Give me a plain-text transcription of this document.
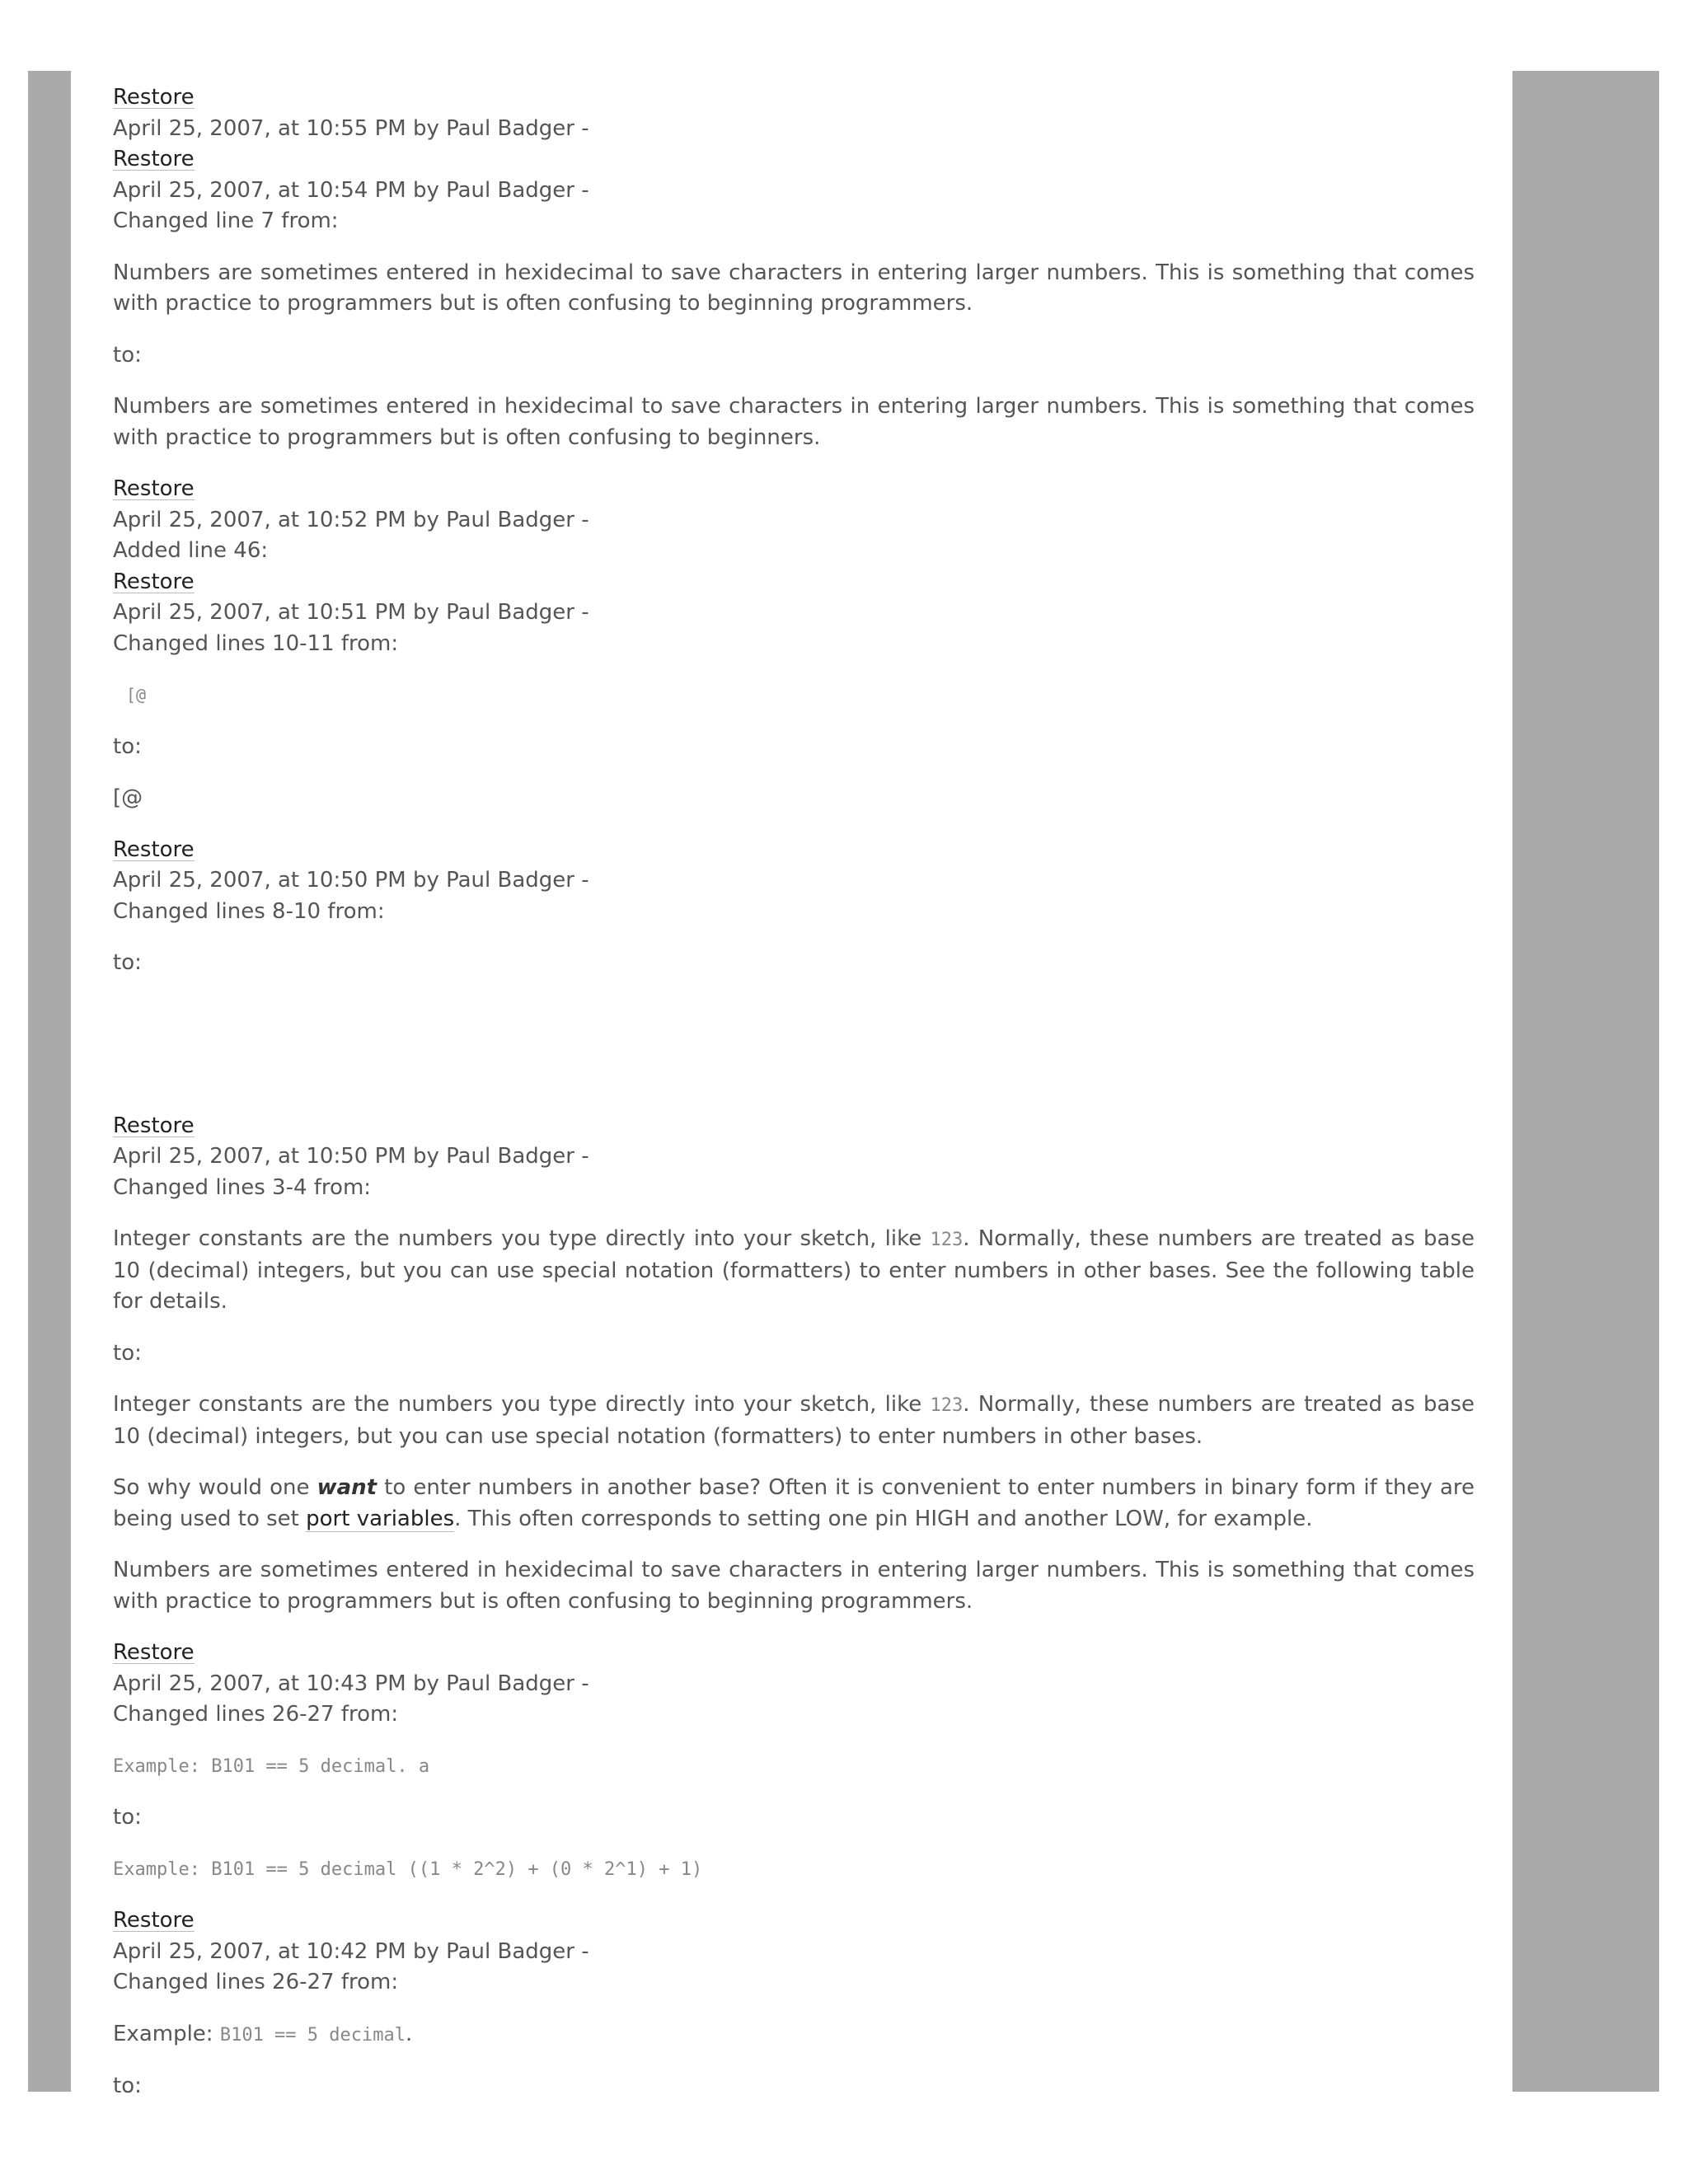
Restore
April 25, 2007, at 10:55 PM by Paul Badger -
Restore
April 25, 2007, at 10:54 PM by Paul Badger -
Changed line 7 from:

Numbers are sometimes entered in hexidecimal to save characters in entering larger numbers. This is something that comes with practice to programmers but is often confusing to beginning programmers.

to:

Numbers are sometimes entered in hexidecimal to save characters in entering larger numbers. This is something that comes with practice to programmers but is often confusing to beginners.

Restore
April 25, 2007, at 10:52 PM by Paul Badger -
Added line 46:
Restore
April 25, 2007, at 10:51 PM by Paul Badger -
Changed lines 10-11 from:

[@

to:

[@

Restore
April 25, 2007, at 10:50 PM by Paul Badger -
Changed lines 8-10 from:

to:

Restore
April 25, 2007, at 10:50 PM by Paul Badger -
Changed lines 3-4 from:

Integer constants are the numbers you type directly into your sketch, like 123. Normally, these numbers are treated as base 10 (decimal) integers, but you can use special notation (formatters) to enter numbers in other bases. See the following table for details.

to:

Integer constants are the numbers you type directly into your sketch, like 123. Normally, these numbers are treated as base 10 (decimal) integers, but you can use special notation (formatters) to enter numbers in other bases.

So why would one want to enter numbers in another base? Often it is convenient to enter numbers in binary form if they are being used to set port variables. This often corresponds to setting one pin HIGH and another LOW, for example.

Numbers are sometimes entered in hexidecimal to save characters in entering larger numbers. This is something that comes with practice to programmers but is often confusing to beginning programmers.

Restore
April 25, 2007, at 10:43 PM by Paul Badger -
Changed lines 26-27 from:

Example: B101 == 5 decimal. a

to:

Example: B101 == 5 decimal ((1 * 2^2) + (0 * 2^1) + 1)

Restore
April 25, 2007, at 10:42 PM by Paul Badger -
Changed lines 26-27 from:

Example: B101 == 5 decimal.

to:
